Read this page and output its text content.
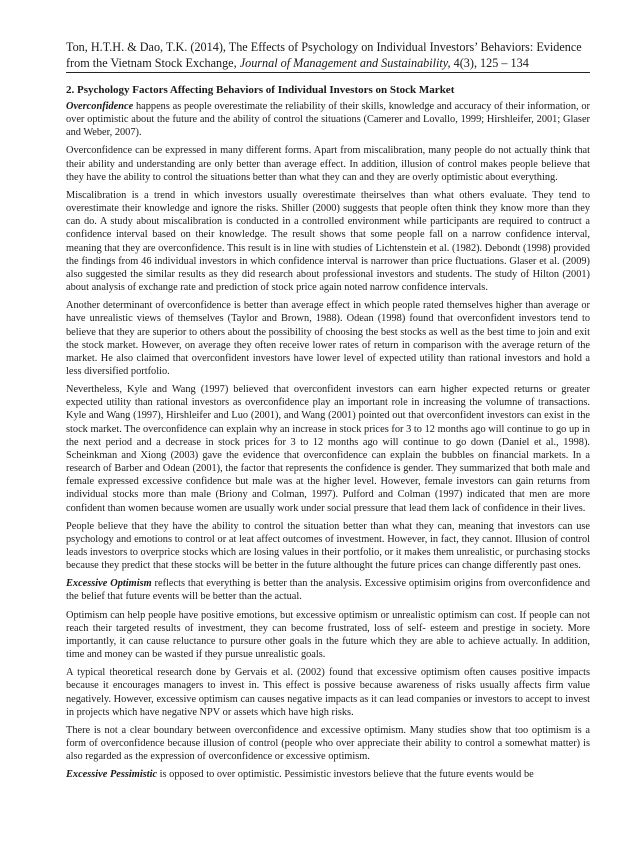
Ton, H.T.H. & Dao, T.K. (2014), The Effects of Psychology on Individual Investors’ Behaviors: Evidence from the Vietnam Stock Exchange, Journal of Management and Sustainability, 4(3), 125 – 134
2. Psychology Factors Affecting Behaviors of Individual Investors on Stock Market

Overconfidence happens as people overestimate the reliability of their skills, knowledge and accuracy of their information, or over optimistic about the future and the ability of control the situations (Camerer and Lovallo, 1999; Hirshleifer, 2001; Glaser and Weber, 2007).

Overconfidence can be expressed in many different forms. Apart from miscalibration, many people do not actually think that their ability and understanding are only better than average effect. In addition, illusion of control makes people believe that they have the ability to control the situations better than what they can and they are overly optimistic about everything.

Miscalibration is a trend in which investors usually overestimate theirselves than what others evaluate. They tend to overestimate their knowledge and ignore the risks. Shiller (2000) suggests that people often think they know more than they can do. A study about miscalibration is conducted in a controlled environment while participants are required to contruct a confidence interval based on their knowledge. The result shows that some people fall on a narrow confidence interval, meaning that they are overconfidence. This result is in line with studies of Lichtenstein et al. (1982). Debondt (1998) provided the findings from 46 individual investors in which confidence interval is narrower than price fluctuations. Glaser et al. (2009) also suggested the similar results as they did research about professional investors and students. The study of Hilton (2001) about analysis of exchange rate and prediction of stock price again noted narrow confidence intervals.

Another determinant of overconfidence is better than average effect in which people rated themselves higher than average or have unrealistic views of themselves (Taylor and Brown, 1988). Odean (1998) found that overconfident investors tend to believe that they are superior to others about the possibility of choosing the best stocks as well as the best time to join and exit the stock market. However, on average they often receive lower rates of return in comparison with the average return of the market. He also claimed that overconfident investors have lower level of expected utility than rational investors and hold a less diversified portfolio.

Nevertheless, Kyle and Wang (1997) believed that overconfident investors can earn higher expected returns or greater expected utility than rational investors as overconfidence play an important role in increasing the volumne of transactions. Kyle and Wang (1997), Hirshleifer and Luo (2001), and Wang (2001) pointed out that overconfident investors can exist in the stock market. The overconfidence can explain why an increase in stock prices for 3 to 12 months ago will continue to go up in the next period and a decrease in stock prices for 3 to 12 months ago will continue to go down (Daniel et al., 1998). Scheinkman and Xiong (2003) gave the evidence that overconfidence can explain the bubbles on financial markets. In a research of Barber and Odean (2001), the factor that represents the confidence is gender. They summarized that both male and female expressed excessive confidence but male was at the higher level. However, female investors can gain returns from individual stocks more than male (Briony and Colman, 1997). Pulford and Colman (1997) indicated that men are more confident than women because women are usually work under social pressure that lead them lack of confidence in their lives.

People believe that they have the ability to control the situation better than what they can, meaning that investors can use psychology and emotions to control or at leat affect outcomes of investment. However, in fact, they cannot. Illusion of control leads investors to overprice stocks which are losing values in their portfolio, or it makes them unrealistic, or purchasing stocks because they predict that these stocks will be better in the future althought the future prices can change differently past ones.

Excessive Optimism reflects that everything is better than the analysis. Excessive optimisim origins from overconfidence and the belief that future events will be better than the actual.

Optimism can help people have positive emotions, but excessive optimism or unrealistic optimism can cost. If people can not reach their targeted results of investment, they can become frustrated, loss of self- esteem and prestige in society. More importantly, it can cause reluctance to pursure other goals in the future which they are able to achieve actually. In addition, time and money can be wasted if they pursue unrealistic goals.

A typical theoretical research done by Gervais et al. (2002) found that excessive optimism often causes positive impacts because it encourages managers to invest in. This effect is possive because awareness of risks usually affects firm value negatively. However, excessive optimism can causes negative impacts as it can lead companies or investors to accept to invest in projects which have negative NPV or assets which have high risks.

There is not a clear boundary between overconfidence and excessive optimism. Many studies show that too optimism is a form of overconfidence because illusion of control (people who over appreciate their ability to control a somewhat matter) is also regarded as the expression of overconfidence or excessive optimism.

Excessive Pessimistic is opposed to over optimistic. Pessimistic investors believe that the future events would be
